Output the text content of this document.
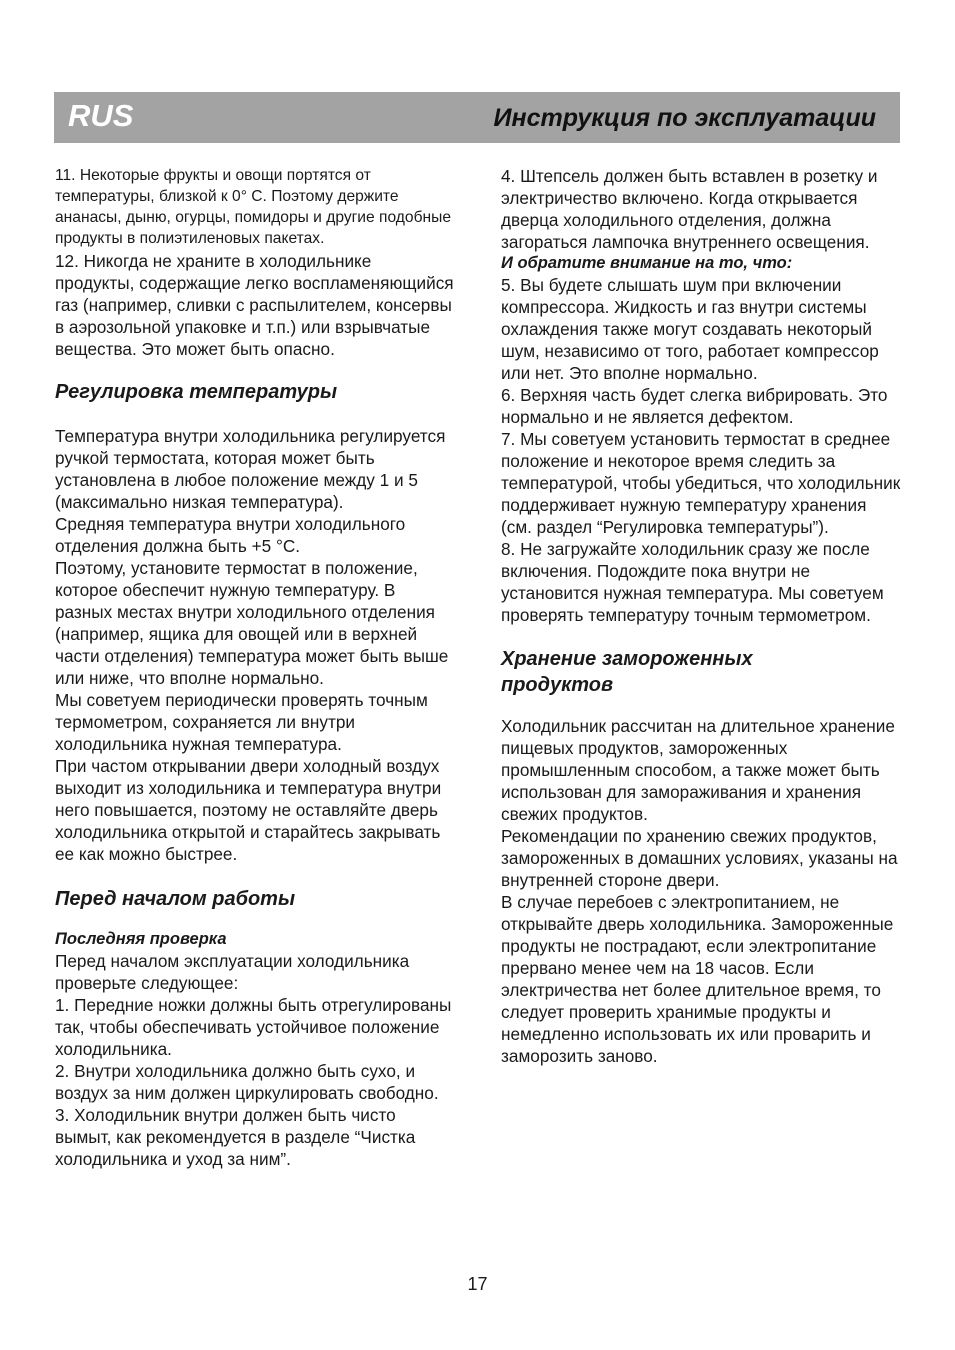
RUS	Инструкция по эксплуатации

11. Некоторые фрукты и овощи портятся от температуры, близкой к 0° С. Поэтому держите ананасы, дыню, огурцы, помидоры и другие подобные продукты в полиэтиленовых пакетах.

12. Никогда не храните в холодильнике продукты, содержащие легко воспламеняющийся газ (например, сливки с распылителем, консервы в аэрозольной упаковке и т.п.) или взрывчатые вещества. Это может быть опасно.

Регулировка температуры

Температура внутри холодильника регулируется ручкой термостата, которая может быть установлена в любое положение между 1 и 5 (максимально низкая температура).

Средняя температура внутри холодильного отделения должна быть +5 °С.

Поэтому, установите термостат в положение, которое обеспечит нужную температуру. В разных местах внутри холодильного отделения (например, ящика для овощей или в верхней части отделения) температура может быть выше или ниже, что вполне нормально.

Мы советуем периодически проверять точным термометром, сохраняется ли внутри холодильника нужная температура.

При частом открывании двери холодный воздух выходит из холодильника и температура внутри него повышается, поэтому не оставляйте дверь холодильника открытой и старайтесь закрывать ее как можно быстрее.

Перед началом работы
Последняя проверка

Перед началом эксплуатации холодильника проверьте следующее:

1. Передние ножки должны быть отрегулированы так, чтобы обеспечивать устойчивое положение холодильника.

2. Внутри холодильника должно быть сухо, и воздух за ним должен циркулировать свободно.

3. Холодильник внутри должен быть чисто вымыт, как рекомендуется в разделе “Чистка холодильника и уход за ним”.

4. Штепсель должен быть вставлен в розетку и электричество включено. Когда открывается дверца холодильного отделения, должна загораться лампочка внутреннего освещения.

И обратите внимание на то, что:

5. Вы будете слышать шум при включении компрессора. Жидкость и газ внутри системы охлаждения также могут создавать некоторый шум, независимо от того, работает компрессор или нет. Это вполне нормально.

6. Верхняя часть будет слегка вибрировать. Это нормально и не является дефектом.

7. Мы советуем установить термостат в среднее положение и некоторое время следить за температурой, чтобы убедиться, что холодильник поддерживает нужную температуру хранения (см. раздел “Регулировка температуры”).

8. Не загружайте холодильник сразу же после включения. Подождите пока внутри не установится нужная температура. Мы советуем проверять температуру точным термометром.

Хранение замороженных продуктов

Холодильник рассчитан на длительное хранение пищевых продуктов, замороженных промышленным способом, а также может быть использован для замораживания и хранения свежих продуктов.

Рекомендации по хранению свежих продуктов, замороженных в домашних условиях, указаны на внутренней стороне двери.

В случае перебоев с электропитанием, не открывайте дверь холодильника. Замороженные продукты не пострадают, если электропитание прервано менее чем на 18 часов. Если электричества нет более длительное время, то следует проверить хранимые продукты и немедленно использовать их или проварить и заморозить заново.

17
